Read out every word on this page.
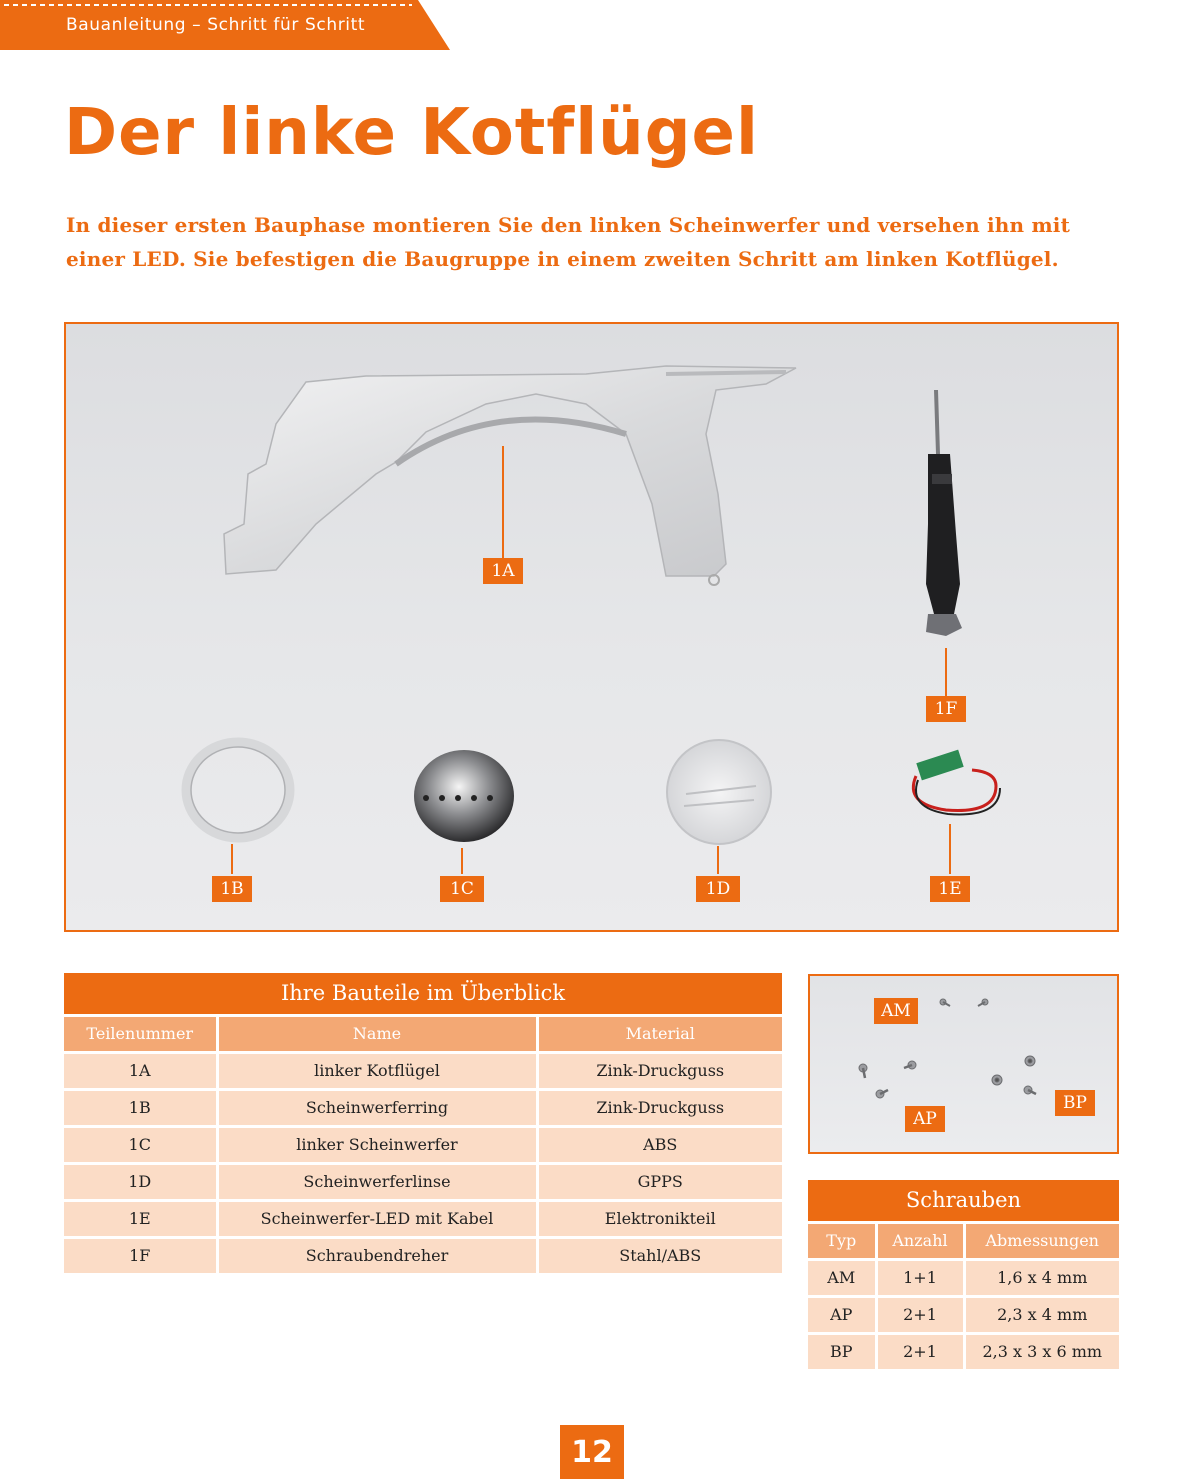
Bauanleitung – Schritt für Schritt
Der linke Kotflügel

In dieser ersten Bauphase montieren Sie den linken Scheinwerfer und versehen ihn mit einer LED. Sie befestigen die Baugruppe in einem zweiten Schritt am linken Kotflügel.

1A
1F
1B	1C	1D	1E
Ihre Bauteile im Überblick		
Teilenummer	Name	Material
1A	linker Kotflügel	Zink-Druckguss
1B	Scheinwerferring	Zink-Druckguss
1C	linker Scheinwerfer	ABS
1D	Scheinwerferlinse	GPPS
1E	Scheinwerfer-LED mit Kabel	Elektronikteil
1F	Schraubendreher	Stahl/ABS
AM
AP
BP
Schrauben		
Typ	Anzahl	Abmessungen
AM	1+1	1,6 x 4 mm
AP	2+1	2,3 x 4 mm
BP	2+1	2,3 x 3 x 6 mm
12
